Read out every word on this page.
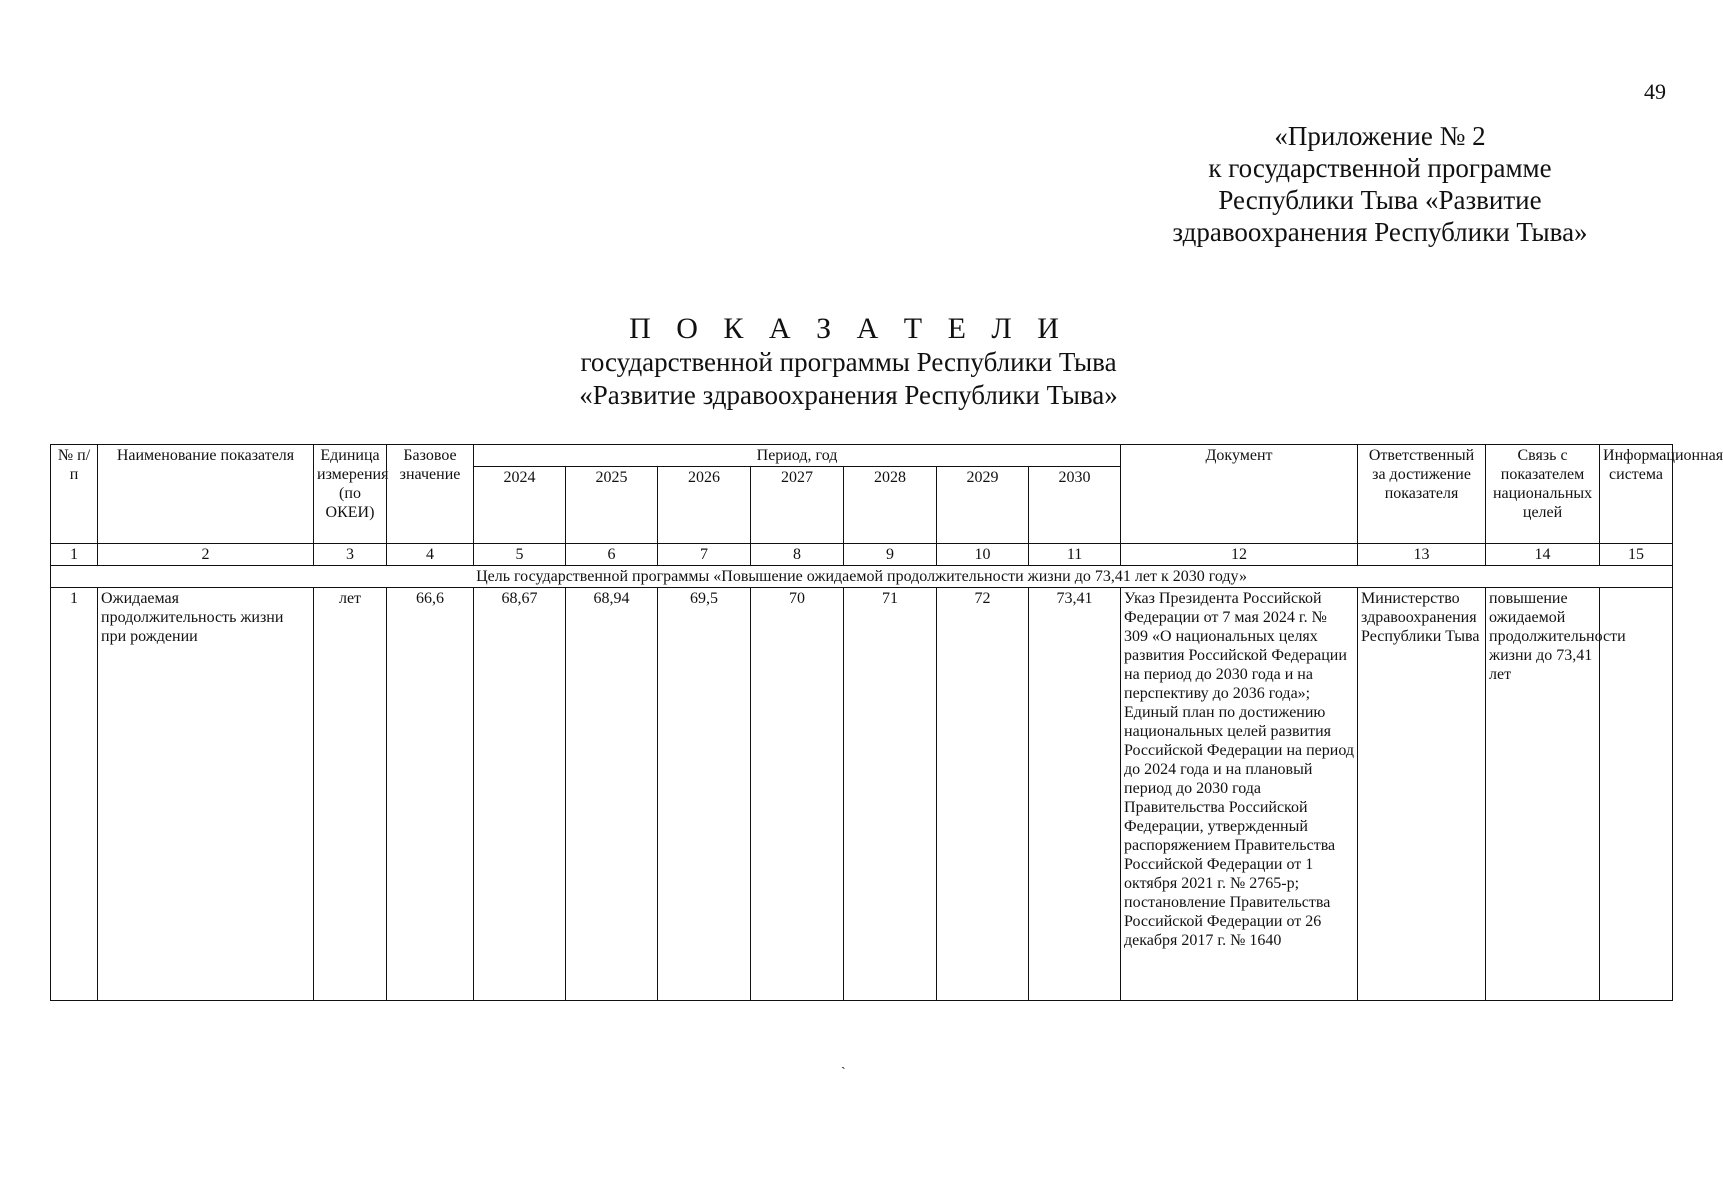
49
«Приложение № 2
к государственной программе
Республики Тыва «Развитие
здравоохранения Республики Тыва»
П О К А З А Т Е Л И
государственной программы Республики Тыва
«Развитие здравоохранения Республики Тыва»
№ п/п	Наименование показателя	Единица измерения (по ОКЕИ)	Базовое значение	Период, год							Документ	Ответственный за достижение показателя	Связь с показателем национальных целей	Информационная система
				2024	2025	2026	2027	2028	2029	2030				
1	2	3	4	5	6	7	8	9	10	11	12	13	14	15
Цель государственной программы «Повышение ожидаемой продолжительности жизни до 73,41 лет к 2030 году»														
1	Ожидаемая продолжительность жизни при рождении	лет	66,6	68,67	68,94	69,5	70	71	72	73,41	Указ Президента Российской Федерации от 7 мая 2024 г. № 309 «О национальных целях развития Российской Федерации на период до 2030 года и на перспективу до 2036 года»; Единый план по достижению национальных целей развития Российской Федерации на период до 2024 года и на плановый период до 2030 года Правительства Российской Федерации, утвержденный распоряжением Правительства Российской Федерации от 1 октября 2021 г. № 2765-р; постановление Правительства Российской Федерации от 26 декабря 2017 г. № 1640	Министерство здравоохранения Республики Тыва	повышение ожидаемой продолжительности жизни до 73,41 лет	
ˏ
